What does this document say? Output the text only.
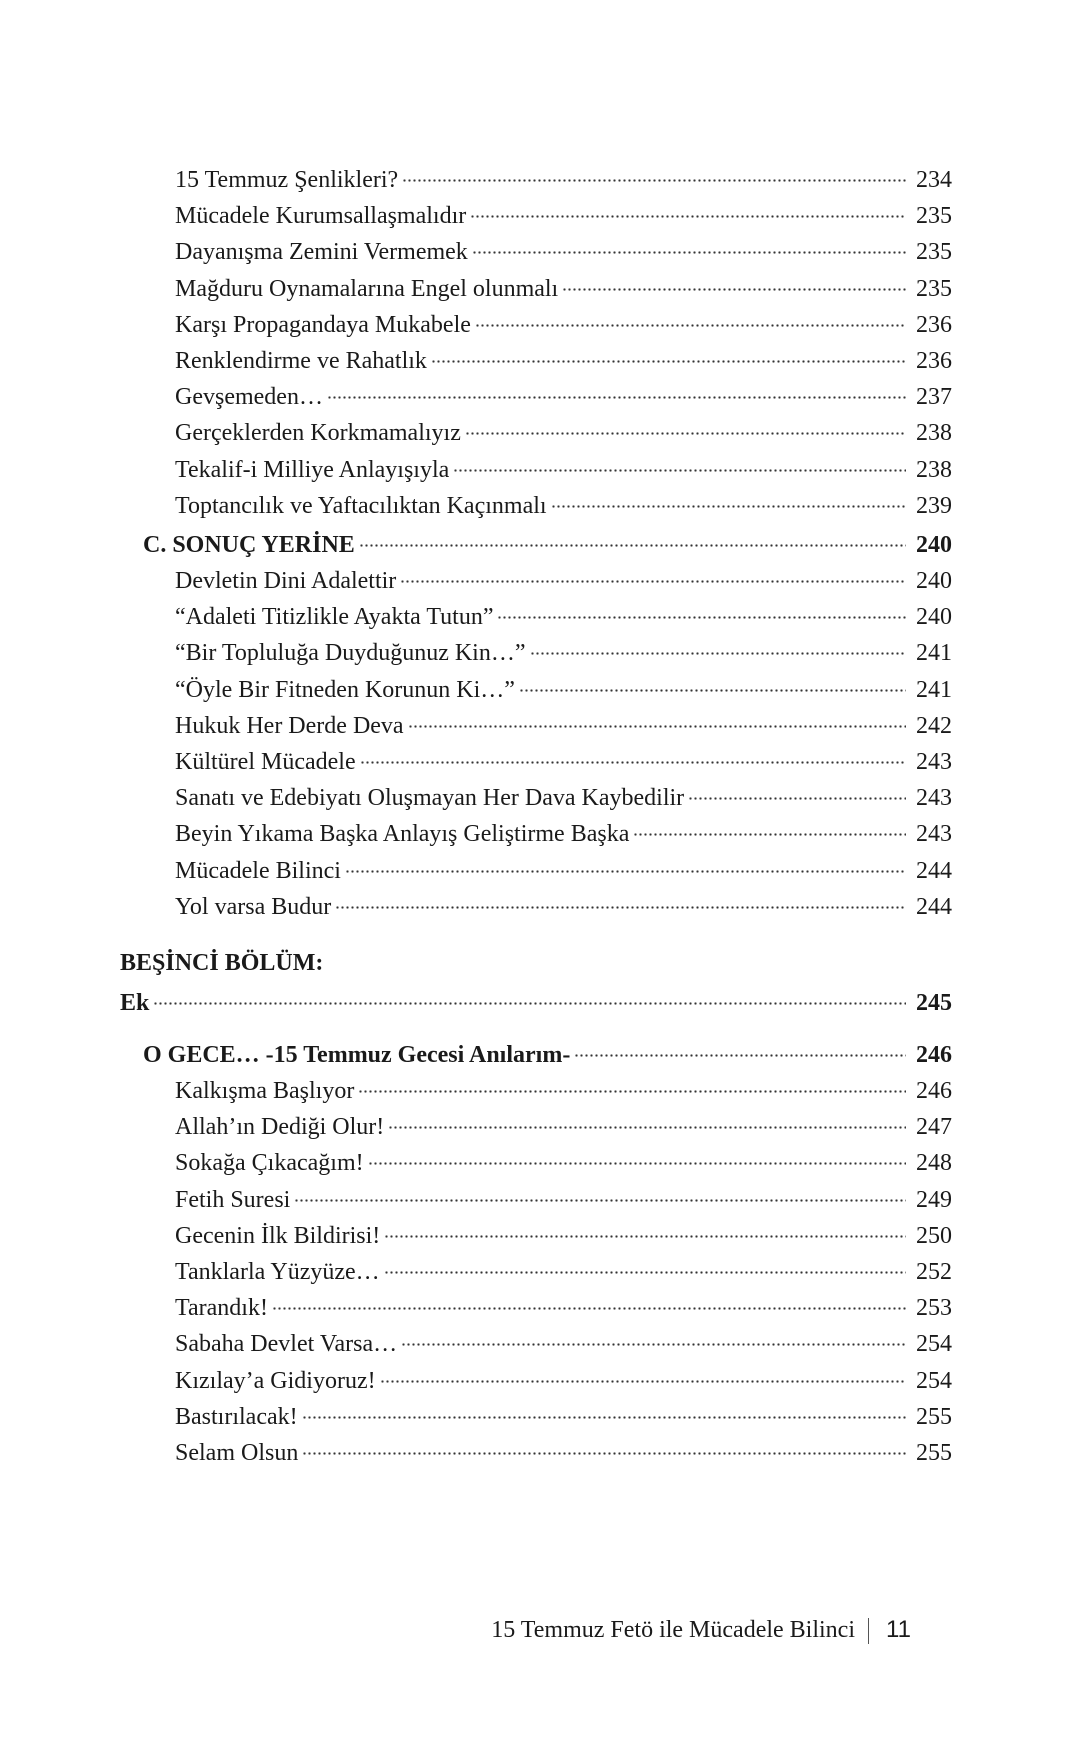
BEŞİNCİ BÖLÜM:
15 Temmuz Şenlikleri?	234
Mücadele Kurumsallaşmalıdır	235
Dayanışma Zemini Vermemek	235
Mağduru Oynamalarına Engel olunmalı	235
Karşı Propagandaya Mukabele	236
Renklendirme ve Rahatlık	236
Gevşemeden…	237
Gerçeklerden Korkmamalıyız	238
Tekalif-i Milliye Anlayışıyla	238
Toptancılık ve Yaftacılıktan Kaçınmalı	239
C. SONUÇ YERİNE	240
Devletin Dini Adalettir	240
“Adaleti Titizlikle Ayakta Tutun”	240
“Bir Topluluğa Duyduğunuz Kin…”	241
“Öyle Bir Fitneden Korunun Ki…”	241
Hukuk Her Derde Deva	242
Kültürel Mücadele	243
Sanatı ve Edebiyatı Oluşmayan Her Dava Kaybedilir	243
Beyin Yıkama Başka Anlayış Geliştirme Başka	243
Mücadele Bilinci	244
Yol varsa Budur	244
Ek	245
O GECE… -15 Temmuz Gecesi Anılarım-	246
Kalkışma Başlıyor	246
Allah’ın Dediği Olur!	247
Sokağa Çıkacağım!	248
Fetih Suresi	249
Gecenin İlk Bildirisi!	250
Tanklarla Yüzyüze…	252
Tarandık!	253
Sabaha Devlet Varsa…	254
Kızılay’a Gidiyoruz!	254
Bastırılacak!	255
Selam Olsun	255
15 Temmuz Fetö ile Mücadele Bilinci 11
